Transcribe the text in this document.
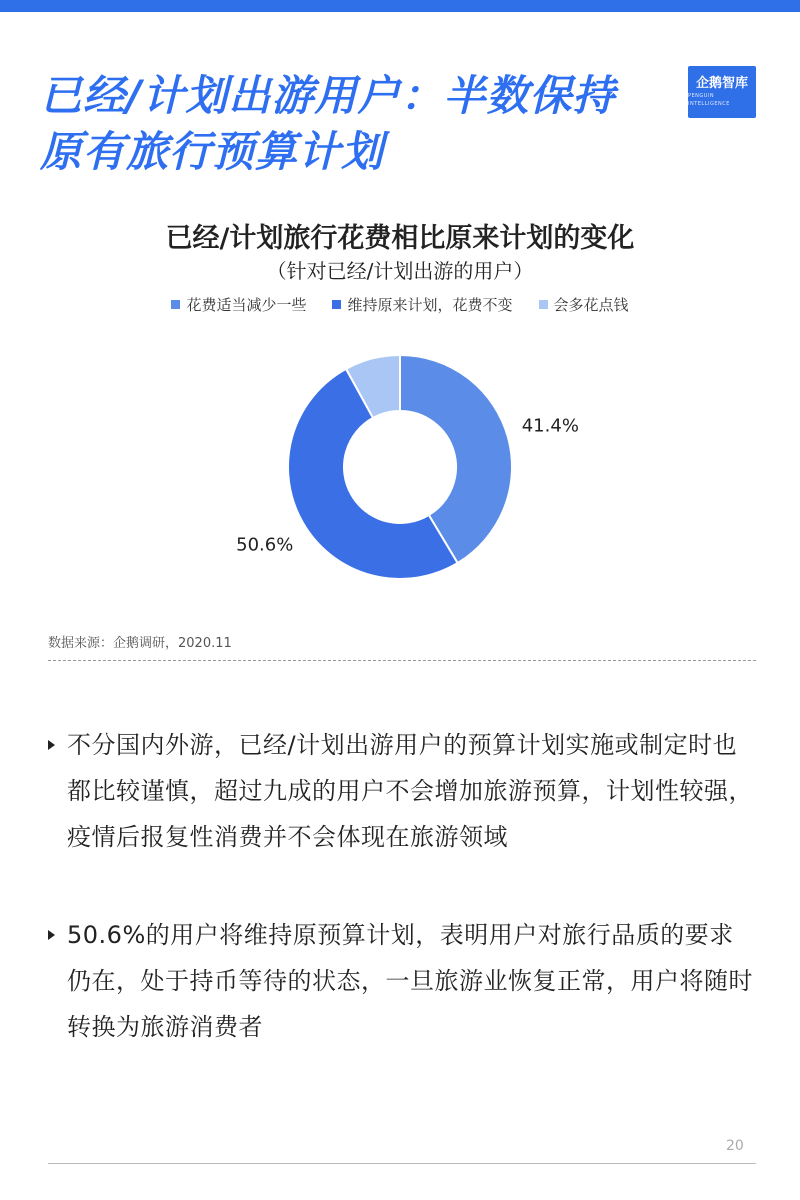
已经/计划出游用户：半数保持
原有旅行预算计划
企鹅智库
PENGUIN INTELLIGENCE
已经/计划旅行花费相比原来计划的变化
（针对已经/计划出游的用户）
花费适当减少一些	维持原来计划，花费不变	会多花点钱
41.4%
50.6%
数据来源：企鹅调研，2020.11
不分国内外游，已经/计划出游用户的预算计划实施或制定时也都比较谨慎，超过九成的用户不会增加旅游预算，计划性较强，疫情后报复性消费并不会体现在旅游领域
50.6%的用户将维持原预算计划，表明用户对旅行品质的要求仍在，处于持币等待的状态，一旦旅游业恢复正常，用户将随时转换为旅游消费者
20
